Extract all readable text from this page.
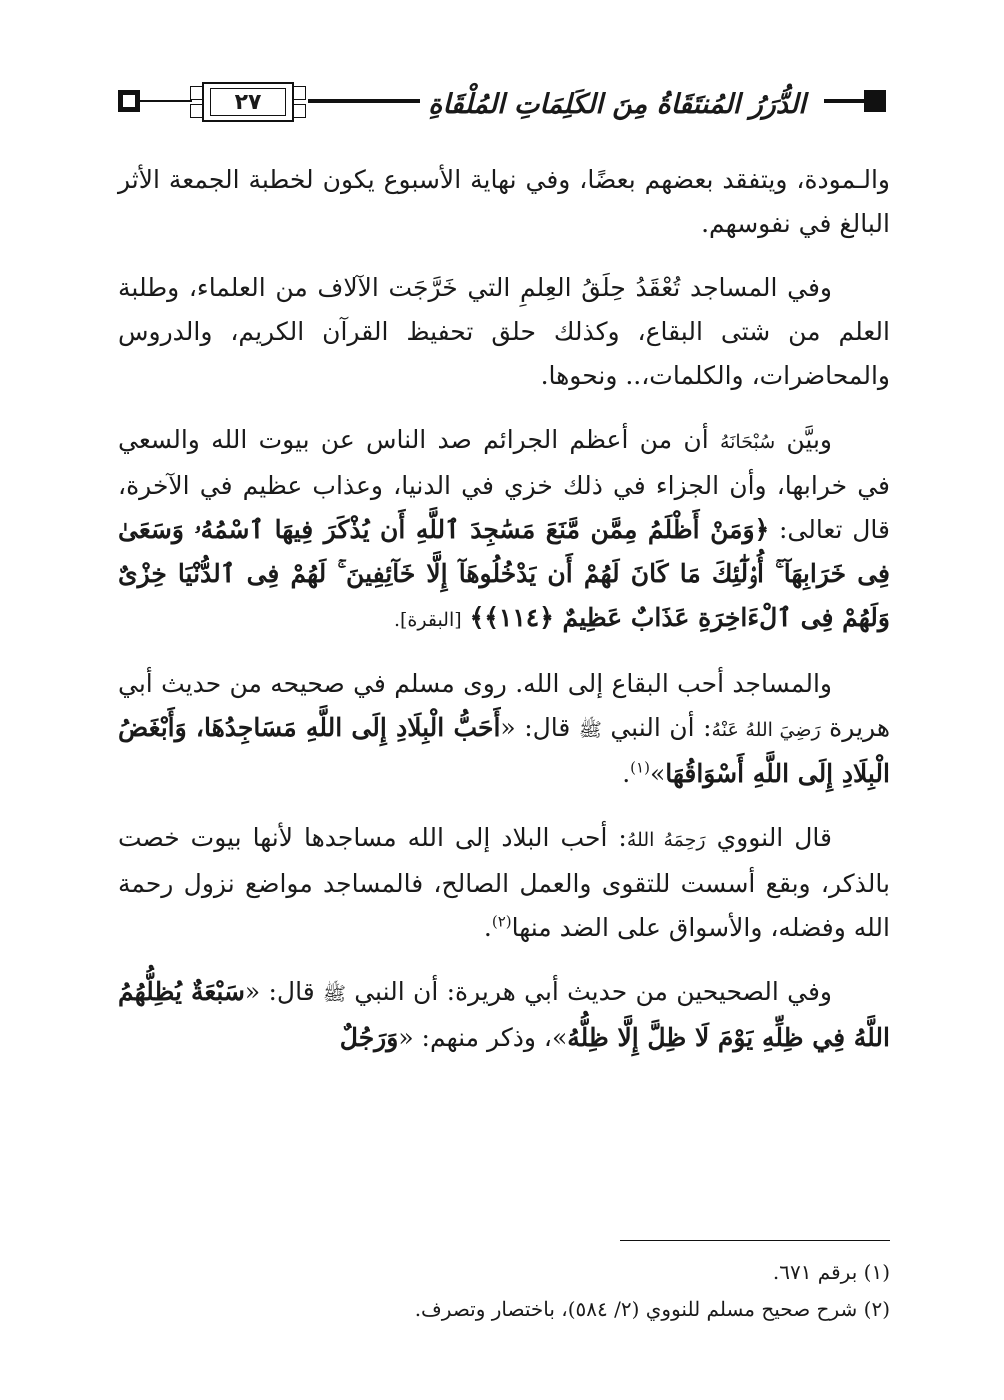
٢٧	الدُّرَرُ المُنتَقَاةُ مِنَ الكَلِمَاتِ المُلْقَاةِ

والـمودة، ويتفقد بعضهم بعضًا، وفي نهاية الأسبوع يكون لخطبة الجمعة الأثر البالغ في نفوسهم.

وفي المساجد تُعْقَدُ حِلَقُ العِلمِ التي خَرَّجَت الآلاف من العلماء، وطلبة العلم من شتى البقاع، وكذلك حلق تحفيظ القرآن الكريم، والدروس والمحاضرات، والكلمات،.. ونحوها.

وبيَّن سُبْحَانَهُ أن من أعظم الجرائم صد الناس عن بيوت الله والسعي في خرابها، وأن الجزاء في ذلك خزي في الدنيا، وعذاب عظيم في الآخرة، قال تعالى: ﴿وَمَنْ أَظْلَمُ مِمَّن مَّنَعَ مَسَٰجِدَ ٱللَّهِ أَن يُذْكَرَ فِيهَا ٱسْمُهُۥ وَسَعَىٰ فِى خَرَابِهَآ ۚ أُو۟لَٰٓئِكَ مَا كَانَ لَهُمْ أَن يَدْخُلُوهَآ إِلَّا خَآئِفِينَ ۚ لَهُمْ فِى ٱلدُّنْيَا خِزْىٌ وَلَهُمْ فِى ٱلْءَاخِرَةِ عَذَابٌ عَظِيمٌ ﴿١١٤﴾﴾ [البقرة].

والمساجد أحب البقاع إلى الله. روى مسلم في صحيحه من حديث أبي هريرة رَضِيَ اللهُ عَنْهُ: أن النبي ﷺ قال: «أَحَبُّ الْبِلَادِ إِلَى اللَّهِ مَسَاجِدُهَا، وَأَبْغَضُ الْبِلَادِ إِلَى اللَّهِ أَسْوَاقُهَا»$^{(١)}$.

قال النووي رَحِمَهُ اللهُ: أحب البلاد إلى الله مساجدها لأنها بيوت خصت بالذكر، وبقع أسست للتقوى والعمل الصالح، فالمساجد مواضع نزول رحمة الله وفضله، والأسواق على الضد منها$^{(٢)}$.

وفي الصحيحين من حديث أبي هريرة: أن النبي ﷺ قال: «سَبْعَةٌ يُظِلُّهُمُ اللَّهُ فِي ظِلِّهِ يَوْمَ لَا ظِلَّ إِلَّا ظِلُّهُ»، وذكر منهم: «وَرَجُلٌ

(١) برقم ٦٧١.
(٢) شرح صحيح مسلم للنووي (٢/ ٥٨٤)، باختصار وتصرف.
